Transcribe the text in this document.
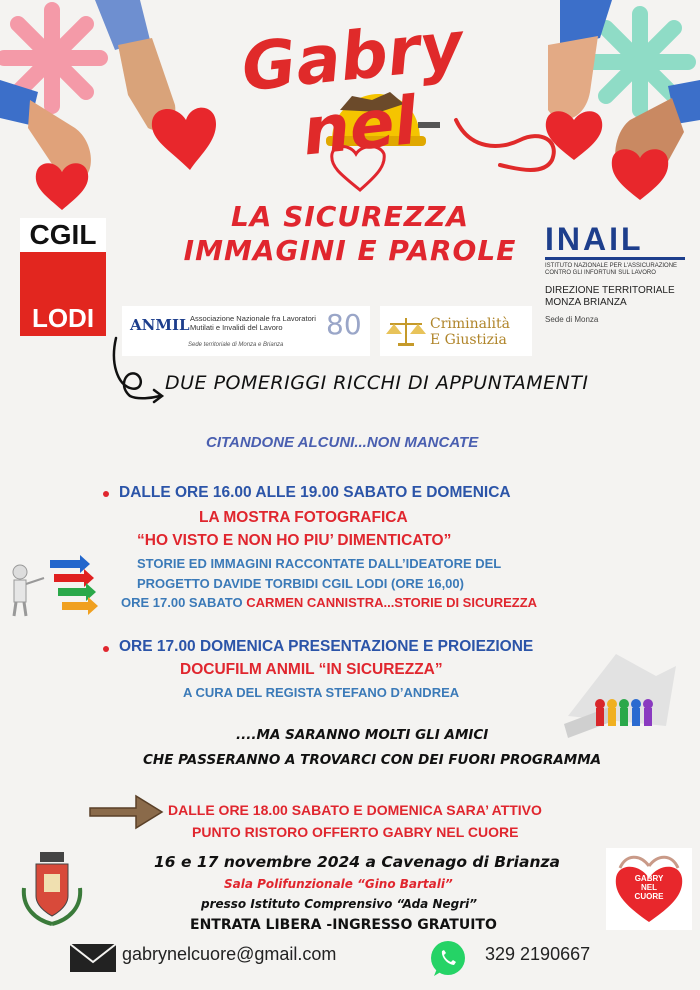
Gabry nel
LA SICUREZZA
IMMAGINI E PAROLE
CGIL
LODI
INAIL
ISTITUTO NAZIONALE PER L'ASSICURAZIONE
CONTRO GLI INFORTUNI SUL LAVORO
DIREZIONE TERRITORIALE
MONZA BRIANZA
Sede di Monza
ANMIL Associazione Nazionale fra Lavoratori
Mutilati e Invalidi del Lavoro
Sede territoriale di Monza e Brianza
80	Criminalità
E Giustizia
DUE POMERIGGI RICCHI DI APPUNTAMENTI
CITANDONE ALCUNI...NON MANCATE
DALLE ORE 16.00 ALLE 19.00 SABATO E DOMENICA
LA MOSTRA FOTOGRAFICA
“HO VISTO E NON HO PIU’ DIMENTICATO”
STORIE ED IMMAGINI RACCONTATE DALL’IDEATORE DEL
PROGETTO DAVIDE TORBIDI CGIL LODI (ORE 16,00)
ORE 17.00 SABATO CARMEN CANNISTRA...STORIE DI SICUREZZA
ORE 17.00 DOMENICA PRESENTAZIONE E PROIEZIONE
DOCUFILM ANMIL “IN SICUREZZA”
A CURA DEL REGISTA STEFANO D’ANDREA
....MA SARANNO MOLTI GLI AMICI
CHE PASSERANNO A TROVARCI CON DEI FUORI PROGRAMMA
DALLE ORE 18.00 SABATO E DOMENICA SARA’ ATTIVO
PUNTO RISTORO OFFERTO GABRY NEL CUORE
16 e 17 novembre 2024 a Cavenago di Brianza
Sala Polifunzionale “Gino Bartali”
presso Istituto Comprensivo “Ada Negri”
ENTRATA LIBERA -INGRESSO GRATUITO
GABRY
NEL
CUORE
gabrynelcuore@gmail.com	329 2190667
